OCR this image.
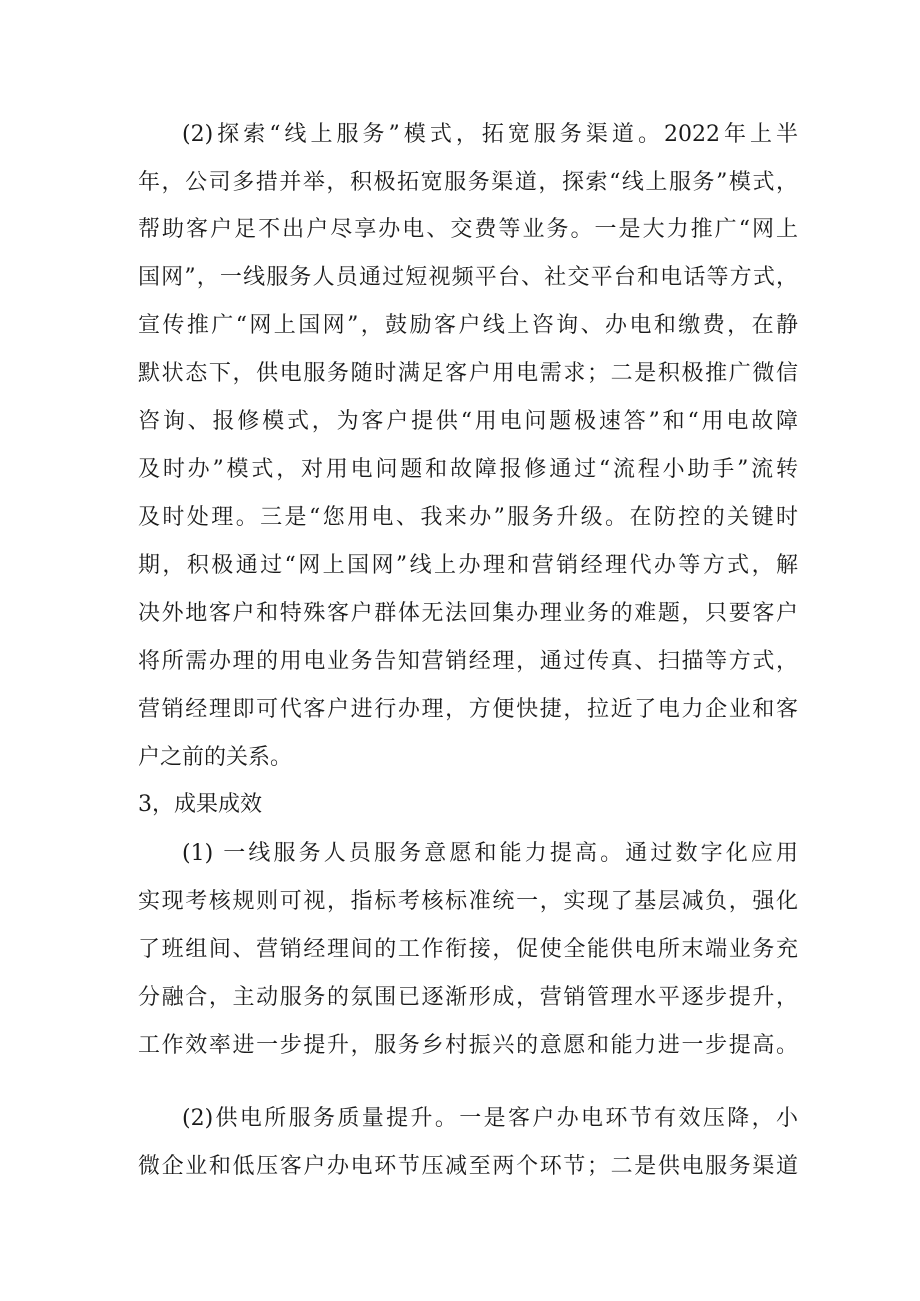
(2)探索“线上服务”模式，拓宽服务渠道。2022年上半
年，公司多措并举，积极拓宽服务渠道，探索“线上服务”模式，
帮助客户足不出户尽享办电、交费等业务。一是大力推广“网上
国网”，一线服务人员通过短视频平台、社交平台和电话等方式，
宣传推广“网上国网”，鼓励客户线上咨询、办电和缴费，在静
默状态下，供电服务随时满足客户用电需求；二是积极推广微信
咨询、报修模式，为客户提供“用电问题极速答”和“用电故障
及时办”模式，对用电问题和故障报修通过“流程小助手”流转
及时处理。三是“您用电、我来办”服务升级。在防控的关键时
期，积极通过“网上国网”线上办理和营销经理代办等方式，解
决外地客户和特殊客户群体无法回集办理业务的难题，只要客户
将所需办理的用电业务告知营销经理，通过传真、扫描等方式，
营销经理即可代客户进行办理，方便快捷，拉近了电力企业和客
户之前的关系。
3，成果成效
(1) 一线服务人员服务意愿和能力提高。通过数字化应用
实现考核规则可视，指标考核标准统一，实现了基层减负，强化
了班组间、营销经理间的工作衔接，促使全能供电所末端业务充
分融合，主动服务的氛围已逐渐形成，营销管理水平逐步提升，
工作效率进一步提升，服务乡村振兴的意愿和能力进一步提高。
(2)供电所服务质量提升。一是客户办电环节有效压降，小
微企业和低压客户办电环节压减至两个环节；二是供电服务渠道
